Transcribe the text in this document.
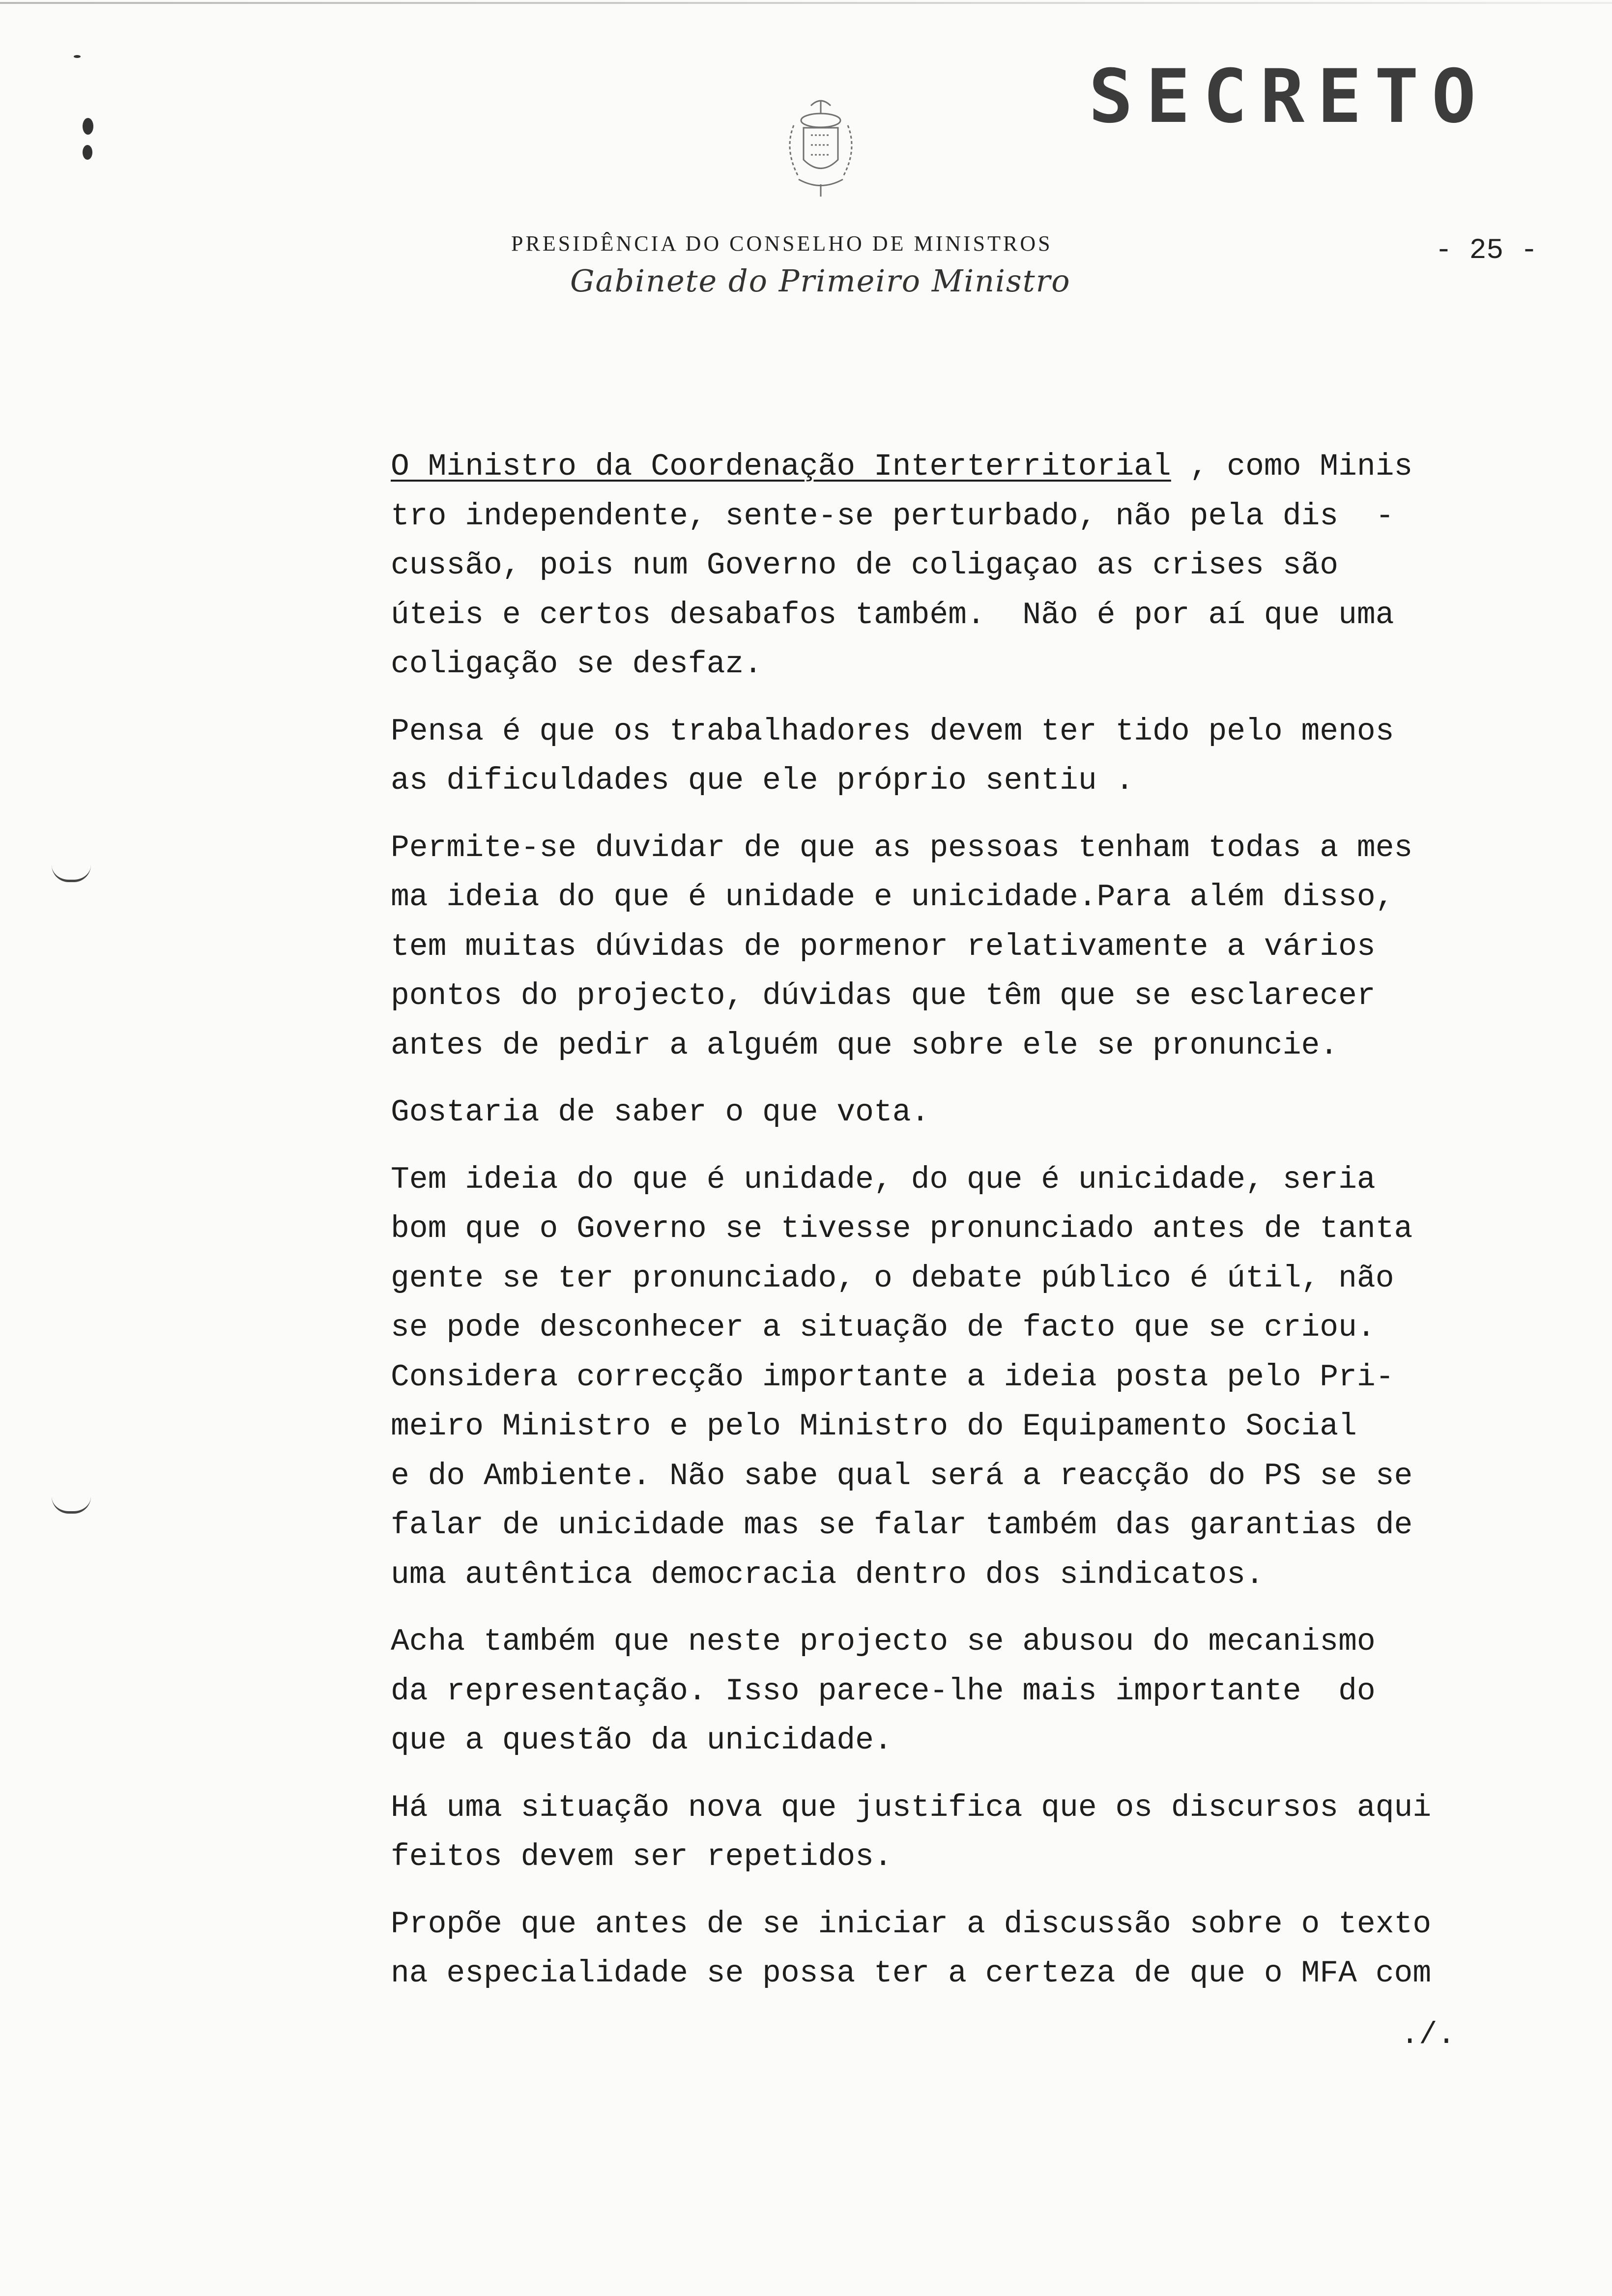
SECRETO
PRESIDÊNCIA DO CONSELHO DE MINISTROS
Gabinete do Primeiro Ministro
- 25 -
O Ministro da Coordenação Interterritorial , como Minis
tro independente, sente-se perturbado, não pela dis  -
cussão, pois num Governo de coligaçao as crises são
úteis e certos desabafos também.  Não é por aí que uma
coligação se desfaz.
Pensa é que os trabalhadores devem ter tido pelo menos
as dificuldades que ele próprio sentiu .
Permite-se duvidar de que as pessoas tenham todas a mes
ma ideia do que é unidade e unicidade.Para além disso,
tem muitas dúvidas de pormenor relativamente a vários
pontos do projecto, dúvidas que têm que se esclarecer
antes de pedir a alguém que sobre ele se pronuncie.
Gostaria de saber o que vota.
Tem ideia do que é unidade, do que é unicidade, seria
bom que o Governo se tivesse pronunciado antes de tanta
gente se ter pronunciado, o debate público é útil, não
se pode desconhecer a situação de facto que se criou.
Considera correcção importante a ideia posta pelo Pri-
meiro Ministro e pelo Ministro do Equipamento Social
e do Ambiente. Não sabe qual será a reacção do PS se se
falar de unicidade mas se falar também das garantias de
uma autêntica democracia dentro dos sindicatos.
Acha também que neste projecto se abusou do mecanismo
da representação. Isso parece-lhe mais importante  do
que a questão da unicidade.
Há uma situação nova que justifica que os discursos aqui
feitos devem ser repetidos.
Propõe que antes de se iniciar a discussão sobre o texto
na especialidade se possa ter a certeza de que o MFA com
./.
